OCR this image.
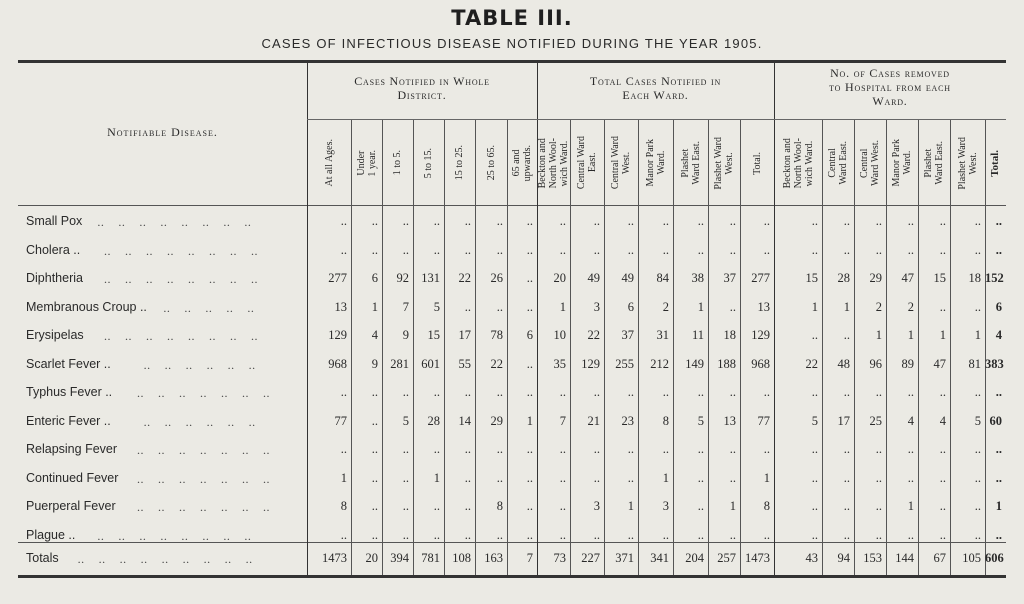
TABLE III.
CASES OF INFECTIOUS DISEASE NOTIFIED DURING THE YEAR 1905.
Notifiable Disease.
Cases Notified in Whole
District.
Total Cases Notified in
Each Ward.
No. of Cases removed
to Hospital from each
Ward.
At all Ages. Under
1 year. 1 to 5. 5 to 15. 15 to 25. 25 to 65. 65 and
upwards. Beckton and
North Wool-
wich Ward.
Central Ward
East. Central Ward
West. Manor Park
Ward. Plashet
Ward East.
Plashet Ward
West. Total. Beckton and
North Wool-
wich Ward. Central
Ward East. Central
Ward West.
Manor Park
Ward. Plashet
Ward East.
Plashet Ward
West. Total.
Small Pox ..    ..    ..    ..    ..    ..    ..    ..	..	..	..	..	..	..	..	..	..	..	..	..	..	..	..	..	..	..	..	..	..
Cholera .. ..    ..    ..    ..    ..    ..    ..    ..	..	..	..	..	..	..	..	..	..	..	..	..	..	..	..	..	..	..	..	..	..
Diphtheria ..    ..    ..    ..    ..    ..    ..    ..	277	6	92 131	22	26	..	20	49	49	84	38	37	277	15	28	29	47	15	18 152
Membranous Croup .. ..    ..    ..    ..    ..	13	1	7	5	..	..	..	1	3	6	2	1	..	13	1	1	2	2	..	..	6
Erysipelas ..    ..    ..    ..    ..    ..    ..    ..	129	4	9	15	17	78	6	10	22	37	31	11	18	129	..	..	1	1	1	1	4
Scarlet Fever ..	..    ..    ..    ..    ..    ..	968	9 281 601	55	22	..	35	129	255	212	149	188	968	22	48	96	89	47	81 383
Typhus Fever .. ..    ..    ..    ..    ..    ..    ..	..	..	..	..	..	..	..	..	..	..	..	..	..	..	..	..	..	..	..	..	..
Enteric Fever ..	..    ..    ..    ..    ..    ..	77	..	5	28	14	29	1	7	21	23	8	5	13	77	5	17	25	4	4	5 60
Relapsing Fever ..    ..    ..    ..    ..    ..    ..	..	..	..	..	..	..	..	..	..	..	..	..	..	..	..	..	..	..	..	..	..
Continued Fever ..    ..    ..    ..    ..    ..    ..	1	..	..	1	..	..	..	..	..	..	1	..	..	1	..	..	..	..	..	..	..
Puerperal Fever ..    ..    ..    ..    ..    ..    ..	8	..	..	..	..	8	..	..	3	1	3	..	1	8	..	..	..	1	..	..	1
Plague .. ..    ..    ..    ..    ..    ..    ..    ..	..	..	..	..	..	..	..	..	..	..	..	..	..	..	..	..	..	..	..	..	..
Totals ..    ..    ..    ..    ..    ..    ..    ..    ..	1473	20 394 781 108	163	7	73	227	371	341	204	257 1473	43	94	153	144	67	105 606
